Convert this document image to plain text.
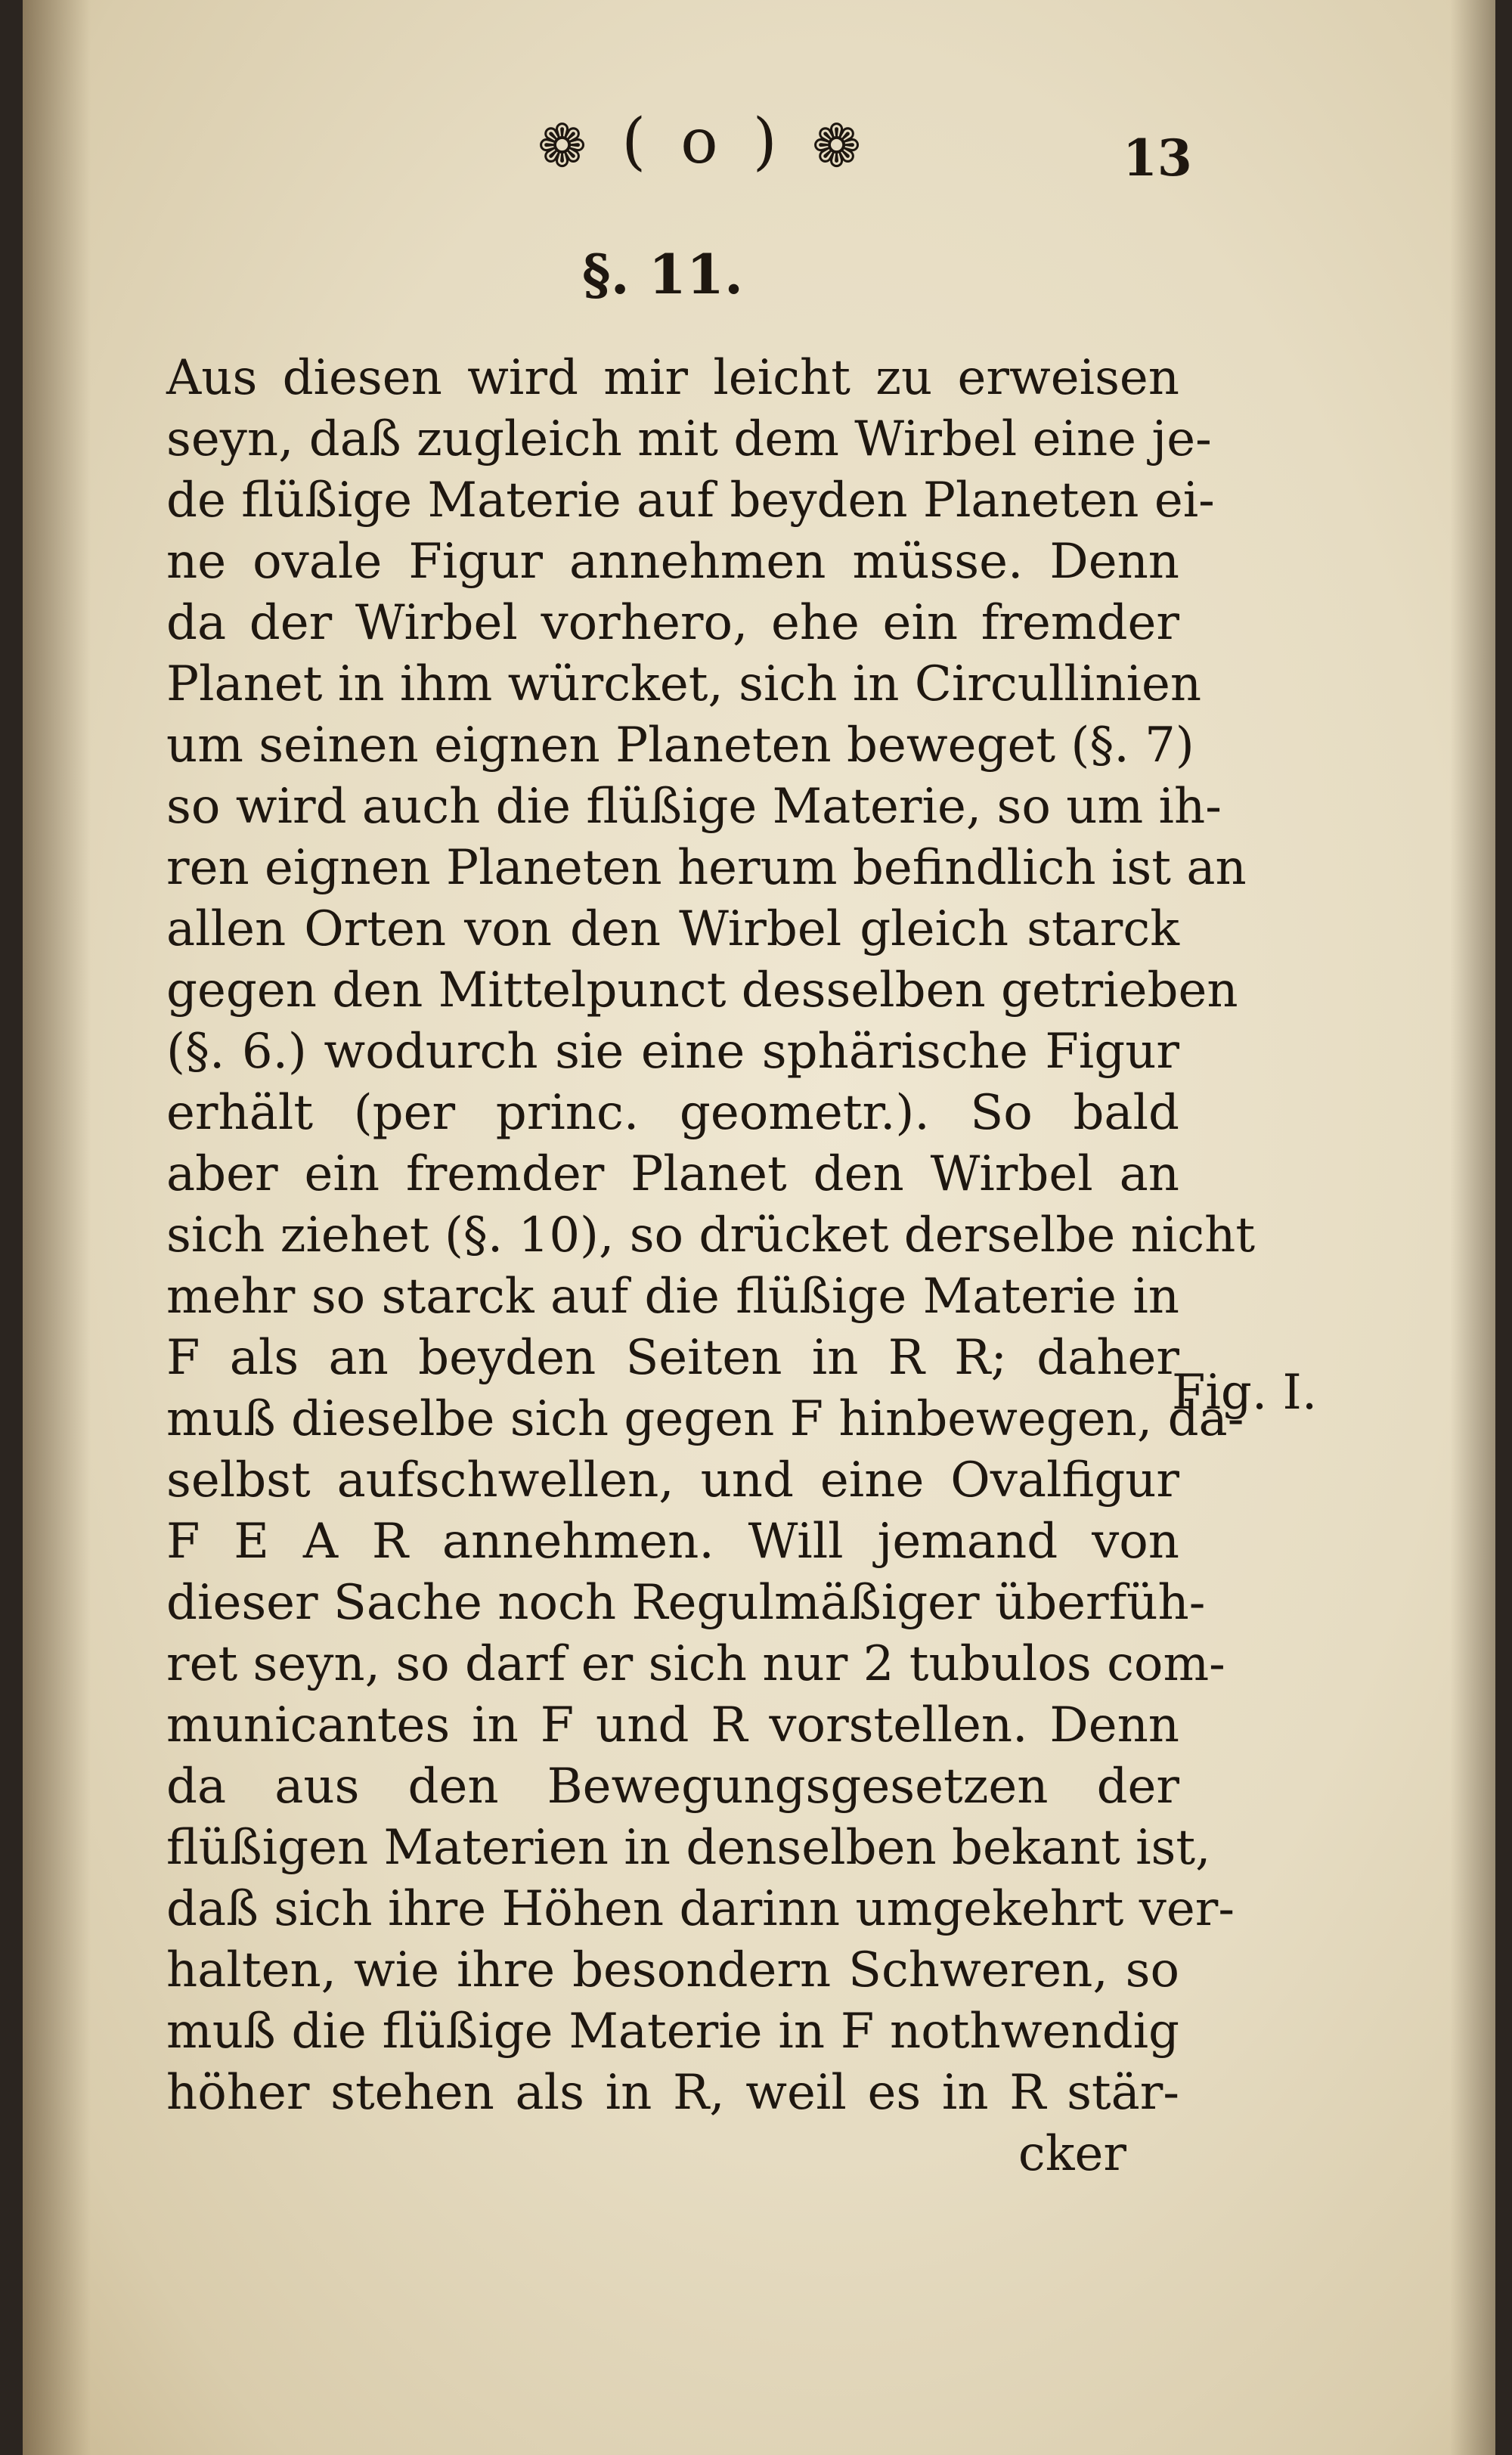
❁ ( o ) ❁	13
§. 11.
Aus diesen wird mir leicht zu erweisen
seyn, daß zugleich mit dem Wirbel eine je-
de flüßige Materie auf beyden Planeten ei-
ne ovale Figur annehmen müsse. Denn
da der Wirbel vorhero, ehe ein fremder
Planet in ihm würcket, sich in Circullinien
um seinen eignen Planeten beweget (§. 7)
so wird auch die flüßige Materie, so um ih-
ren eignen Planeten herum befindlich ist an
allen Orten von den Wirbel gleich starck
gegen den Mittelpunct desselben getrieben
(§. 6.) wodurch sie eine sphärische Figur
erhält (per princ. geometr.). So bald
aber ein fremder Planet den Wirbel an
sich ziehet (§. 10), so drücket derselbe nicht
mehr so starck auf die flüßige Materie in
F als an beyden Seiten in R R; daher
muß dieselbe sich gegen F hinbewegen, da-
selbst aufschwellen, und eine Ovalfigur
F E A R annehmen. Will jemand von
dieser Sache noch Regulmäßiger überfüh-
ret seyn, so darf er sich nur 2 tubulos com-
municantes in F und R vorstellen. Denn
da aus den Bewegungsgesetzen der
flüßigen Materien in denselben bekant ist,
daß sich ihre Höhen darinn umgekehrt ver-
halten, wie ihre besondern Schweren, so
muß die flüßige Materie in F nothwendig
höher stehen als in R, weil es in R stär-
cker
Fig. I.
